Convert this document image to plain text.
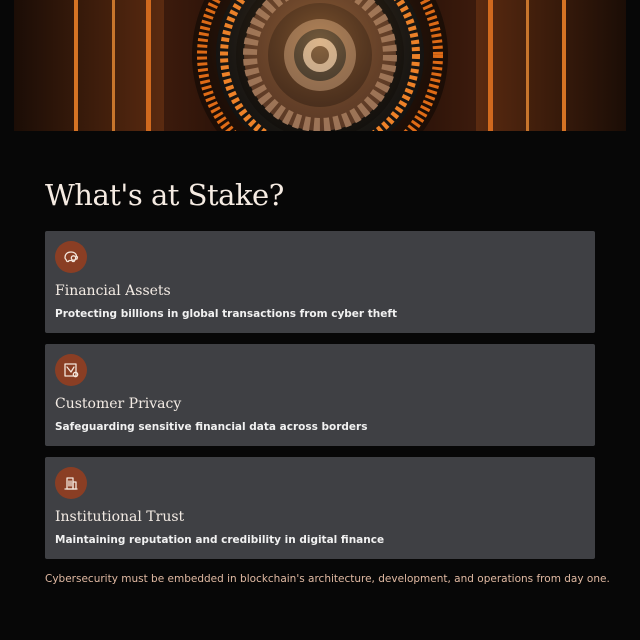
What's at Stake?
Financial Assets
Protecting billions in global transactions from cyber theft
Customer Privacy
Safeguarding sensitive financial data across borders
Institutional Trust
Maintaining reputation and credibility in digital finance
Cybersecurity must be embedded in blockchain's architecture, development, and operations from day one.
